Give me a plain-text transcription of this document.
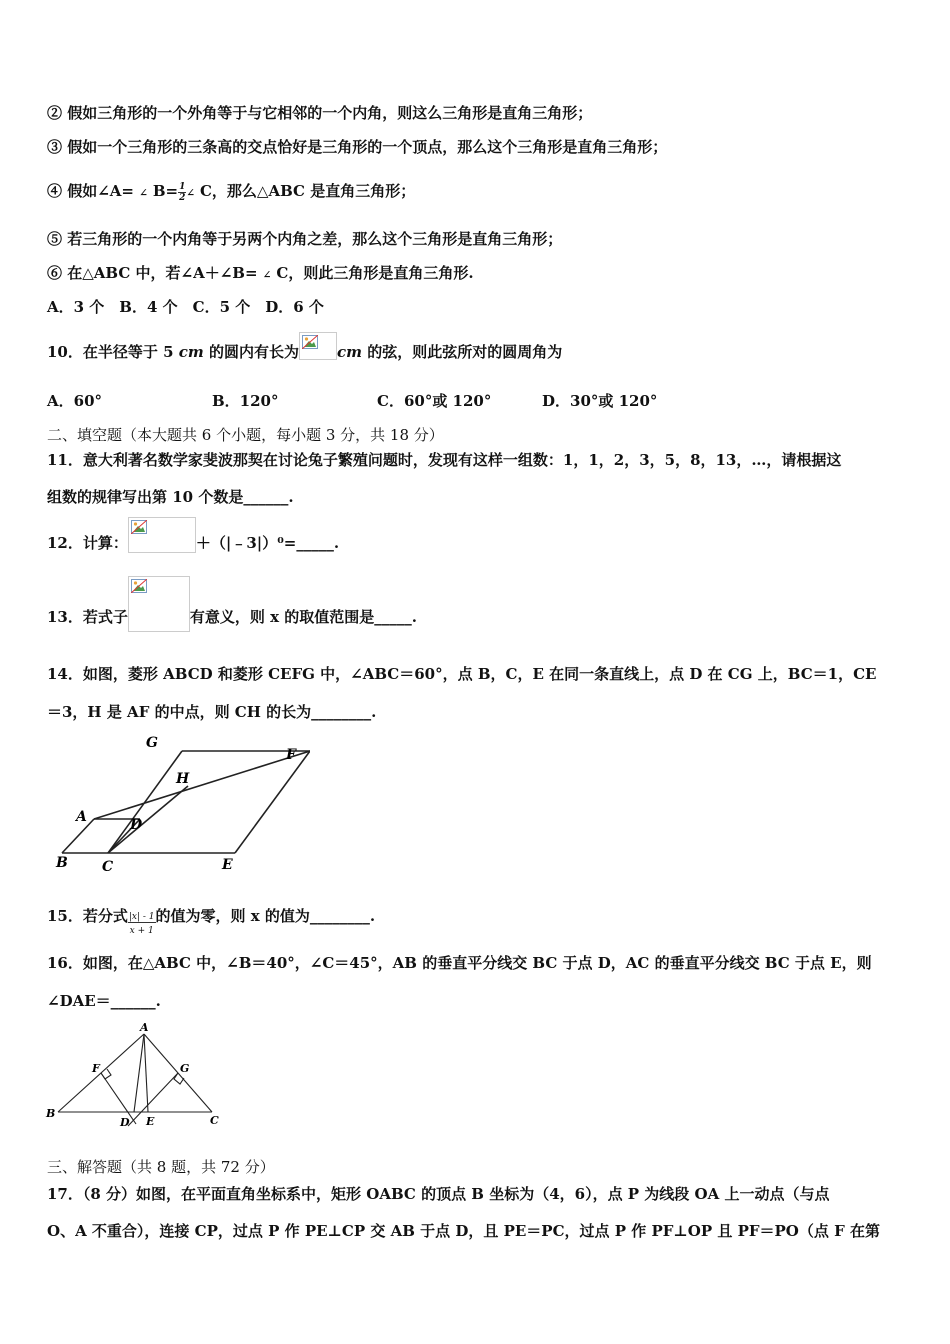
② 假如三角形的一个外角等于与它相邻的一个内角，则这么三角形是直角三角形；
③ 假如一个三角形的三条高的交点恰好是三角形的一个顶点，那么这个三角形是直角三角形；
④ 假如∠A= ∠ $B= \frac{1}{2}$ ∠ C，那么△ABC 是直角三角形；
⑤ 若三角形的一个内角等于另两个内角之差，那么这个三角形是直角三角形；
⑥ 在△ABC 中，若∠A＋∠B= ∠ C，则此三角形是直角三角形.
A．3 个　B．4 个　C．5 个　D．6 个
10．在半径等于 5 cm 的圆内有长为	cm 的弦，则此弦所对的圆周角为
A．60°	B．120°	C．60°或 120°	D．30°或 120°
二、填空题（本大题共 6 个小题，每小题 3 分，共 18 分）
11．意大利著名数学家斐波那契在讨论兔子繁殖问题时，发现有这样一组数：1，1，2，3，5，8，13，…，请根据这
组数的规律写出第 10 个数是______.
12．计算：	＋（|﹣3|）⁰=_____.
13．若式子	有意义，则 x 的取值范围是_____.
14．如图，菱形 ABCD 和菱形 CEFG 中，∠ABC＝60°，点 B，C，E 在同一条直线上，点 D 在 CG 上，BC＝1，CE
＝3，H 是 AF 的中点，则 CH 的长为________.
G
F
H
A	D
B C	E
15．若分式 $\frac{|x| - 1}{x + 1}$ 的值为零，则 x 的值为________.
16．如图，在△ABC 中，∠B＝40°，∠C＝45°，AB 的垂直平分线交 BC 于点 D，AC 的垂直平分线交 BC 于点 E，则
∠DAE＝______.
A
F	G
B
D E	C
三、解答题（共 8 题，共 72 分）
17．（8 分）如图，在平面直角坐标系中，矩形 OABC 的顶点 B 坐标为（4，6），点 P 为线段 OA 上一动点（与点
O、A 不重合），连接 CP，过点 P 作 PE⊥CP 交 AB 于点 D，且 PE＝PC，过点 P 作 PF⊥OP 且 PF＝PO（点 F 在第
